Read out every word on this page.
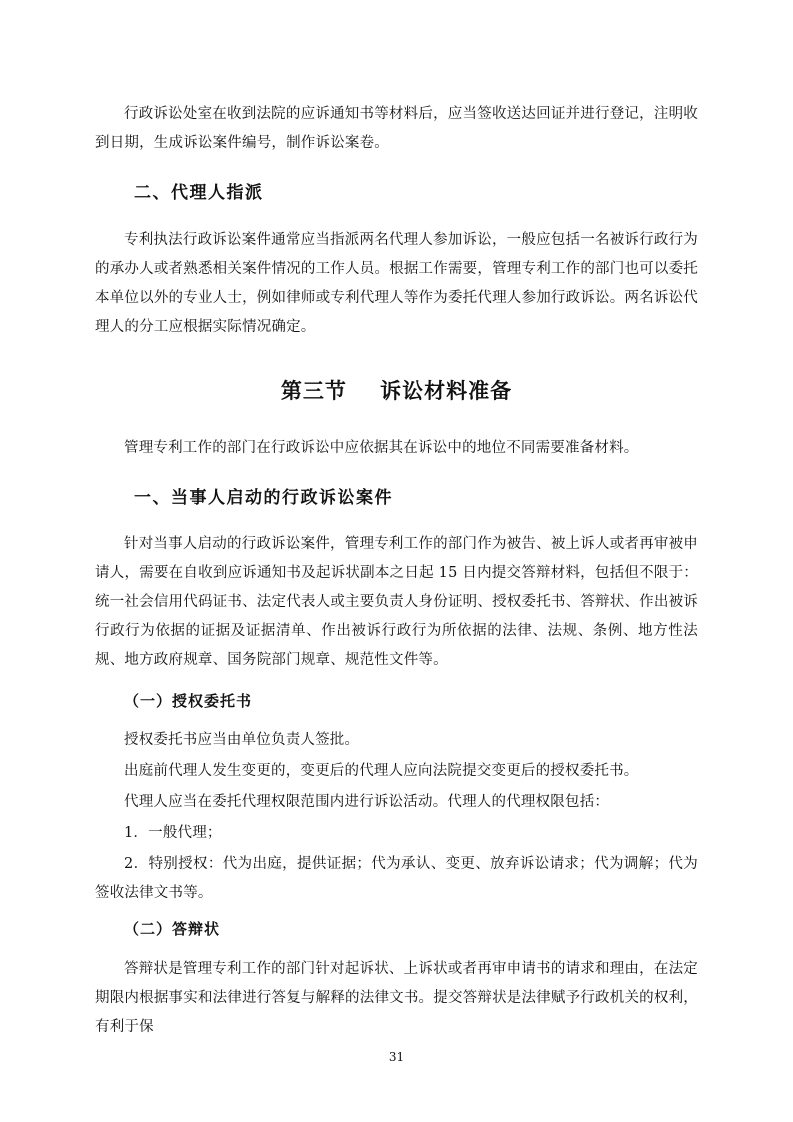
行政诉讼处室在收到法院的应诉通知书等材料后，应当签收送达回证并进行登记，注明收到日期，生成诉讼案件编号，制作诉讼案卷。

二、代理人指派

专利执法行政诉讼案件通常应当指派两名代理人参加诉讼，一般应包括一名被诉行政行为的承办人或者熟悉相关案件情况的工作人员。根据工作需要，管理专利工作的部门也可以委托本单位以外的专业人士，例如律师或专利代理人等作为委托代理人参加行政诉讼。两名诉讼代理人的分工应根据实际情况确定。

第三节    诉讼材料准备

管理专利工作的部门在行政诉讼中应依据其在诉讼中的地位不同需要准备材料。

一、当事人启动的行政诉讼案件

针对当事人启动的行政诉讼案件，管理专利工作的部门作为被告、被上诉人或者再审被申请人，需要在自收到应诉通知书及起诉状副本之日起 15 日内提交答辩材料，包括但不限于：统一社会信用代码证书、法定代表人或主要负责人身份证明、授权委托书、答辩状、作出被诉行政行为依据的证据及证据清单、作出被诉行政行为所依据的法律、法规、条例、地方性法规、地方政府规章、国务院部门规章、规范性文件等。

（一）授权委托书

授权委托书应当由单位负责人签批。

出庭前代理人发生变更的，变更后的代理人应向法院提交变更后的授权委托书。

代理人应当在委托代理权限范围内进行诉讼活动。代理人的代理权限包括：

1．一般代理；

2．特别授权：代为出庭，提供证据；代为承认、变更、放弃诉讼请求；代为调解；代为签收法律文书等。

（二）答辩状

答辩状是管理专利工作的部门针对起诉状、上诉状或者再审申请书的请求和理由，在法定期限内根据事实和法律进行答复与解释的法律文书。提交答辩状是法律赋予行政机关的权利，有利于保

31
